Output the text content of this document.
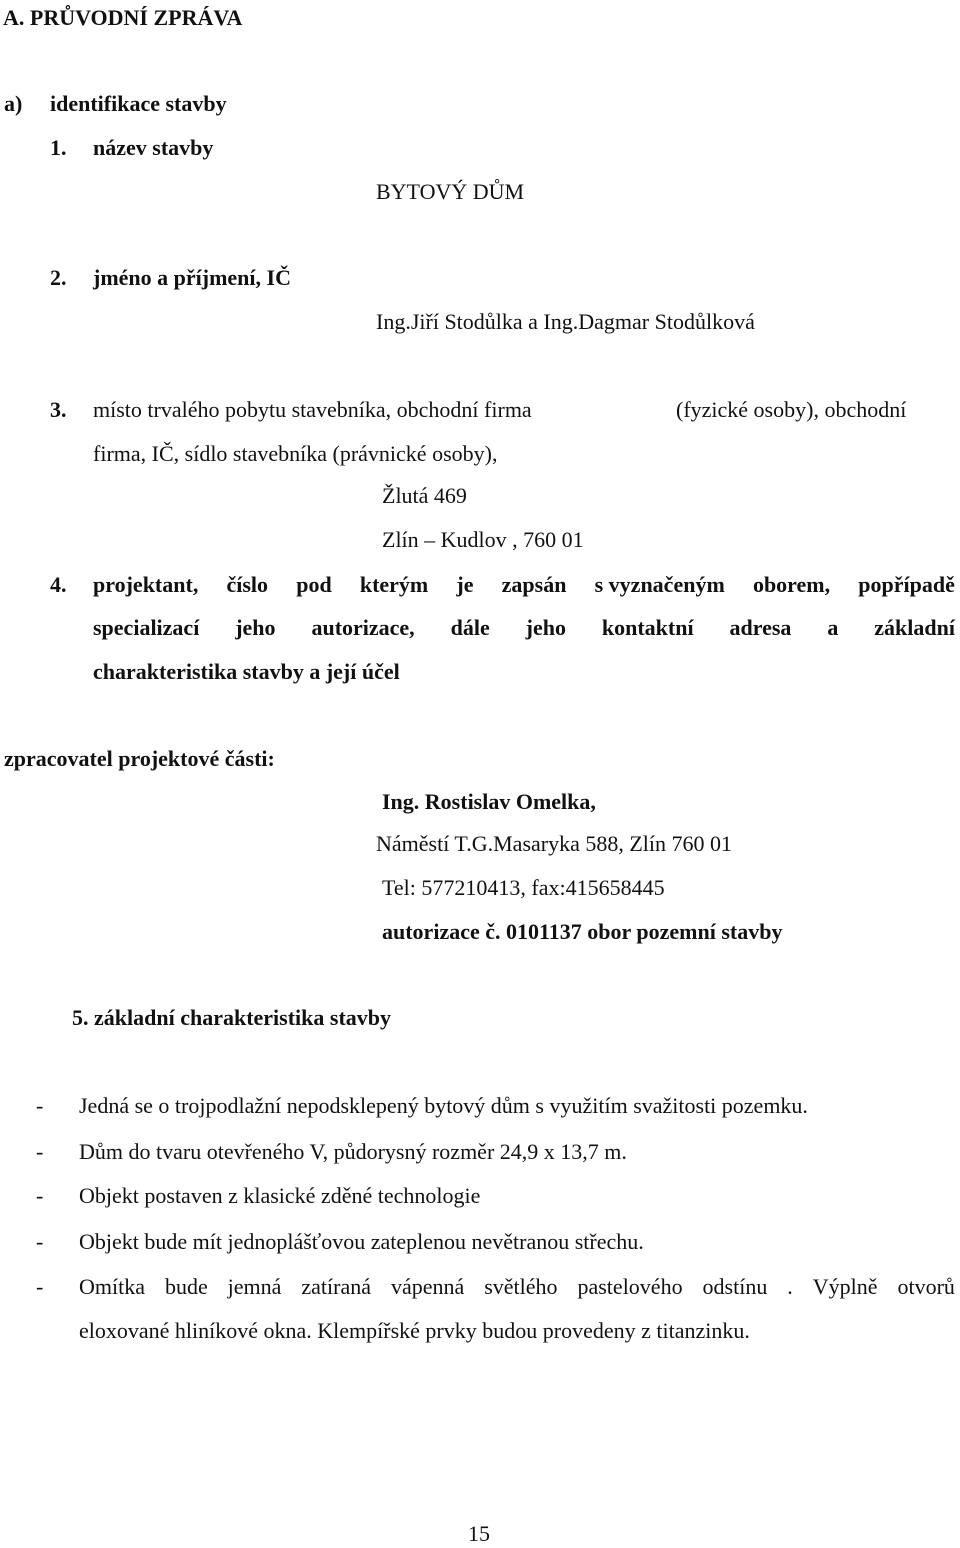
A. PRŮVODNÍ ZPRÁVA
a) identifikace stavby
1. název stavby
BYTOVÝ DŮM
2. jméno a příjmení, IČ
Ing.Jiří Stodůlka a Ing.Dagmar Stodůlková
3. místo trvalého pobytu stavebníka, obchodní firma	(fyzické osoby), obchodní
firma, IČ, sídlo stavebníka (právnické osoby),
Žlutá 469
Zlín – Kudlov , 760 01
4. projektant, číslo pod kterým je zapsán s vyznačeným oborem, popřípadě
specializací jeho autorizace, dále jeho kontaktní adresa a základní
charakteristika stavby a její účel
zpracovatel projektové části:
Ing. Rostislav Omelka,
Náměstí T.G.Masaryka 588, Zlín 760 01
Tel: 577210413, fax:415658445
autorizace č. 0101137 obor pozemní stavby
5. základní charakteristika stavby
- Jedná se o trojpodlažní nepodsklepený bytový dům s využitím svažitosti pozemku.
- Dům do tvaru otevřeného V, půdorysný rozměr 24,9 x 13,7 m.
- Objekt postaven z klasické zděné technologie
- Objekt bude mít jednoplášťovou zateplenou nevětranou střechu.
- Omítka bude jemná zatíraná vápenná světlého pastelového odstínu . Výplně otvorů
eloxované hliníkové okna. Klempířské prvky budou provedeny z titanzinku.
15
